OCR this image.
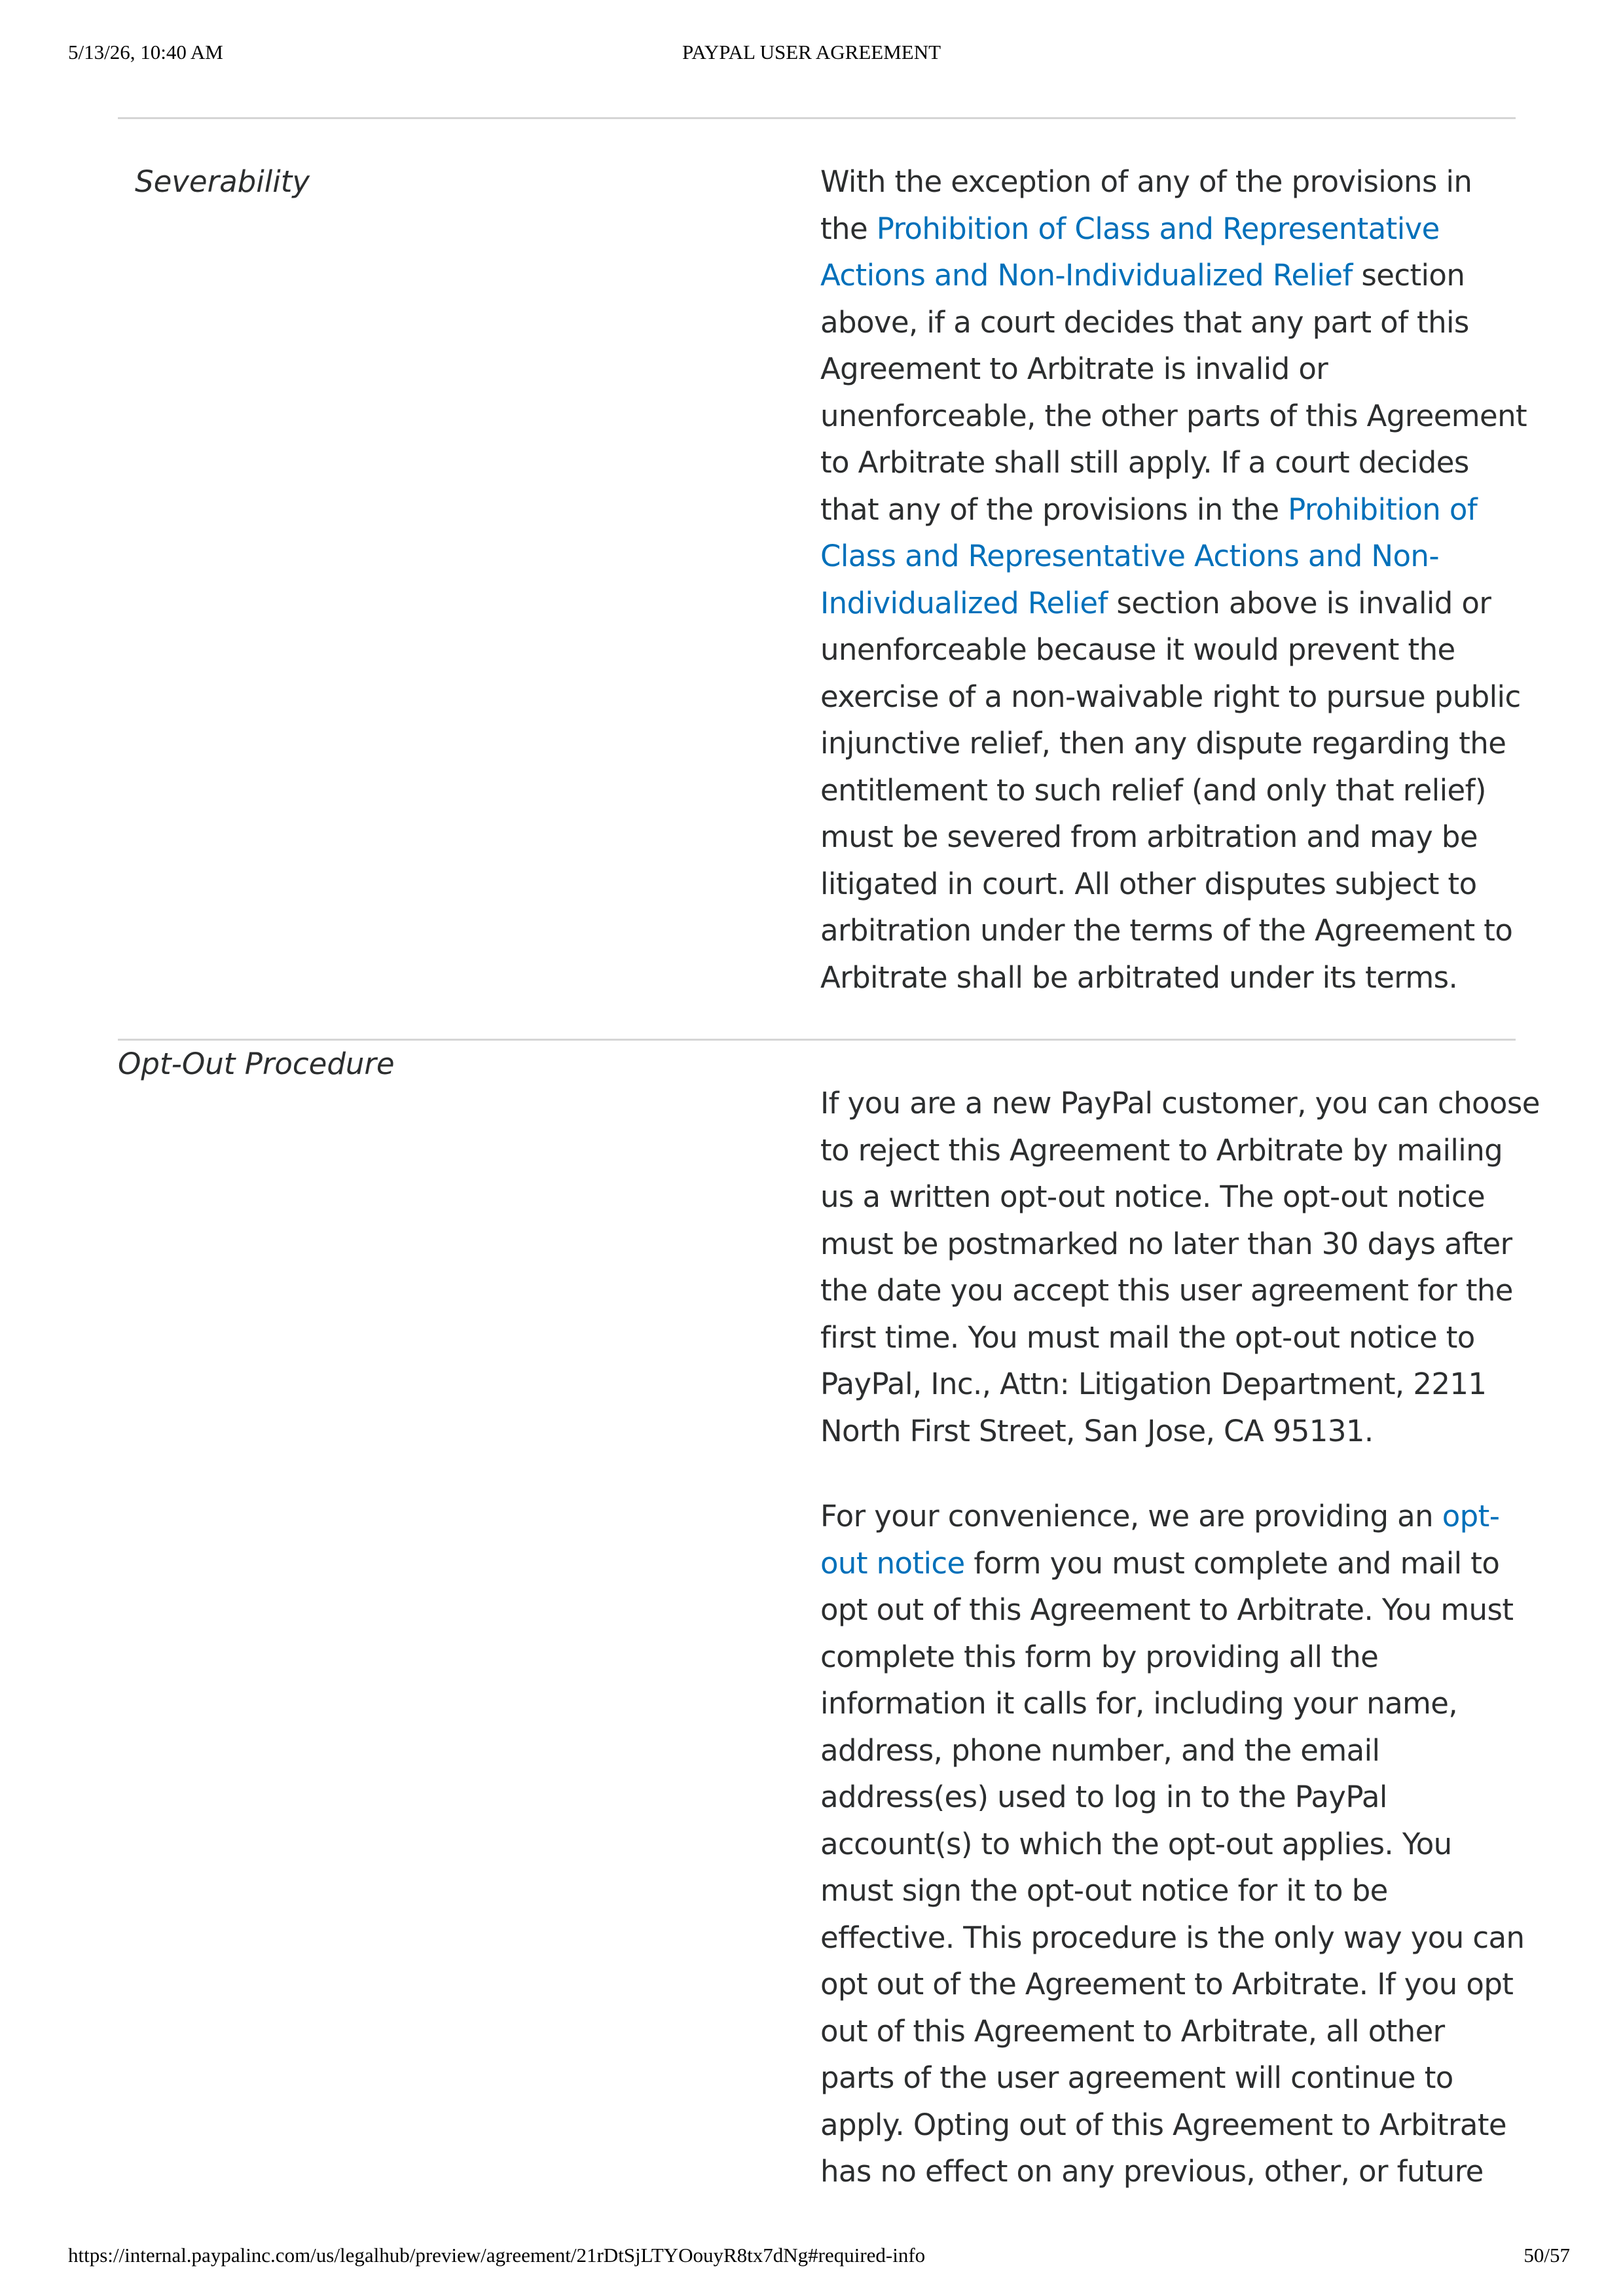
5/13/26, 10:40 AM	PAYPAL USER AGREEMENT
Severability	With the exception of any of the provisions in
the Prohibition of Class and Representative
Actions and Non-Individualized Relief section
above, if a court decides that any part of this
Agreement to Arbitrate is invalid or
unenforceable, the other parts of this Agreement
to Arbitrate shall still apply. If a court decides
that any of the provisions in the Prohibition of
Class and Representative Actions and Non-
Individualized Relief section above is invalid or
unenforceable because it would prevent the
exercise of a non-waivable right to pursue public
injunctive relief, then any dispute regarding the
entitlement to such relief (and only that relief)
must be severed from arbitration and may be
litigated in court. All other disputes subject to
arbitration under the terms of the Agreement to
Arbitrate shall be arbitrated under its terms.
Opt-Out Procedure
If you are a new PayPal customer, you can choose
to reject this Agreement to Arbitrate by mailing
us a written opt-out notice. The opt-out notice
must be postmarked no later than 30 days after
the date you accept this user agreement for the
first time. You must mail the opt-out notice to
PayPal, Inc., Attn: Litigation Department, 2211
North First Street, San Jose, CA 95131.
For your convenience, we are providing an opt-
out notice form you must complete and mail to
opt out of this Agreement to Arbitrate. You must
complete this form by providing all the
information it calls for, including your name,
address, phone number, and the email
address(es) used to log in to the PayPal
account(s) to which the opt-out applies. You
must sign the opt-out notice for it to be
effective. This procedure is the only way you can
opt out of the Agreement to Arbitrate. If you opt
out of this Agreement to Arbitrate, all other
parts of the user agreement will continue to
apply. Opting out of this Agreement to Arbitrate
has no effect on any previous, other, or future
https://internal.paypalinc.com/us/legalhub/preview/agreement/21rDtSjLTYOouyR8tx7dNg#required-info	50/57
